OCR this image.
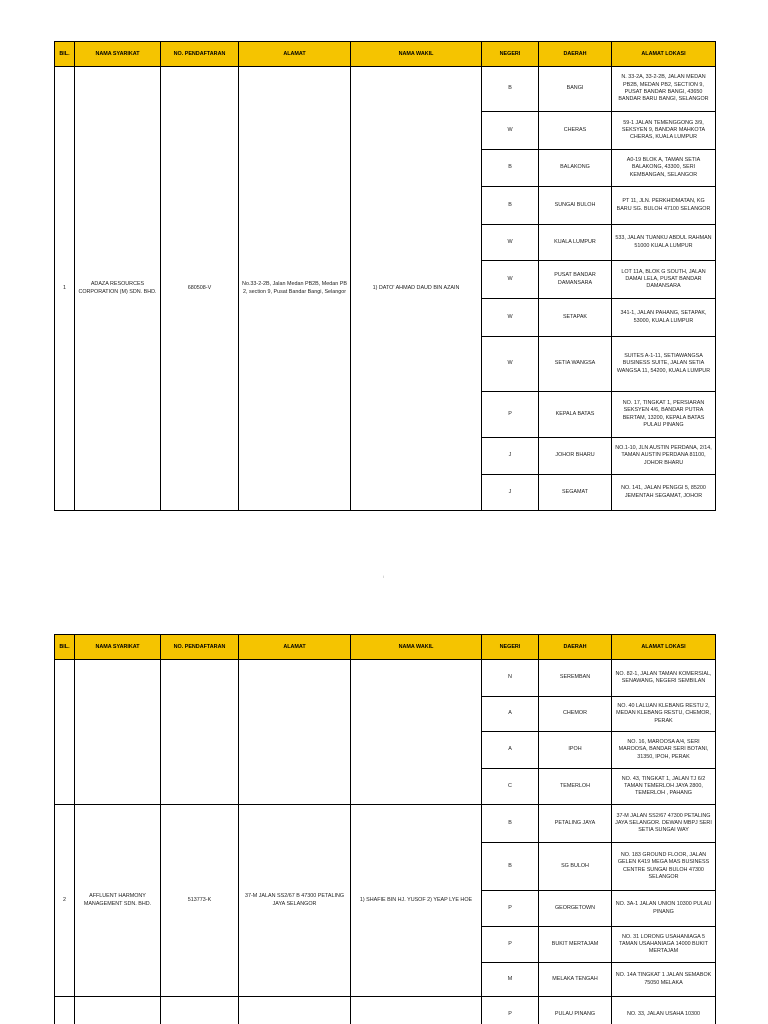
BIL.	NAMA SYARIKAT	NO. PENDAFTARAN	ALAMAT	NAMA WAKIL	NEGERI	DAERAH	ALAMAT LOKASI
1	ADAZA RESOURCES CORPORATION (M) SDN. BHD.	680508-V	No.33-2-2B, Jalan Medan PB2B, Medan PB 2, section 9, Pusat Bandar Bangi, Selangor	1) DATO' AHMAD DAUD BIN AZAIN	B	BANGI	N. 33-2A, 33-2-2B, JALAN MEDAN PB2B, MEDAN PB2, SECTION 9, PUSAT BANDAR BANGI, 43650 BANDAR BARU BANGI, SELANGOR
					W	CHERAS	59-1 JALAN TEMENGGONG 3/9, SEKSYEN 9, BANDAR MAHKOTA CHERAS, KUALA LUMPUR
					B	BALAKONG	A0-19 BLOK A, TAMAN SETIA BALAKONG, 43300, SERI KEMBANGAN, SELANGOR
					B	SUNGAI BULOH	PT 11, JLN. PERKHIDMATAN, KG BARU SG. BULOH 47100 SELANGOR
					W	KUALA LUMPUR	533, JALAN TUANKU ABDUL RAHMAN 51000 KUALA LUMPUR
					W	PUSAT BANDAR DAMANSARA	LOT 11A, BLOK G SOUTH, JALAN DAMAI LELA, PUSAT BANDAR DAMANSARA
					W	SETAPAK	341-1, JALAN PAHANG, SETAPAK, 53000, KUALA LUMPUR
					W	SETIA WANGSA	SUITES A-1-11, SETIAWANGSA BUSINESS SUITE, JALAN SETIA WANGSA 11, 54200, KUALA LUMPUR
					P	KEPALA BATAS	NO. 17, TINGKAT 1, PERSIARAN SEKSYEN 4/6, BANDAR PUTRA BERTAM, 13200, KEPALA BATAS PULAU PINANG
					J	JOHOR BHARU	NO.1-10, JLN AUSTIN PERDANA, 2/14, TAMAN AUSTIN PERDANA 81100, JOHOR BHARU
					J	SEGAMAT	NO. 141, JALAN PENGGI 5, 85200 JEMENTAH SEGAMAT, JOHOR
i
BIL.	NAMA SYARIKAT	NO. PENDAFTARAN	ALAMAT	NAMA WAKIL	NEGERI	DAERAH	ALAMAT LOKASI
					N	SEREMBAN	NO. 82-1, JALAN TAMAN KOMERSIAL, SENAWANG, NEGERI SEMBILAN
					A	CHEMOR	NO. 40 LALUAN KLEBANG RESTU 2, MEDAN KLEBANG RESTU, CHEMOR, PERAK
					A	IPOH	NO. 16, MAROOSA A/4, SERI MAROOSA, BANDAR SERI BOTANI, 31350, IPOH, PERAK
					C	TEMERLOH	NO. 43, TINGKAT 1, JALAN TJ 6/2 TAMAN TEMERLOH JAYA 2800, TEMERLOH , PAHANG
2	AFFLUENT HARMONY MANAGEMENT SDN. BHD.	513773-K	37-M JALAN SS2/67 B 47300 PETALING JAYA SELANGOR	1) SHAFIE BIN HJ. YUSOF 2) YEAP LYE HOE	B	PETALING JAYA	37-M JALAN SS2/67 47300 PETALING JAYA SELANGOR. DEWAN MBPJ SERI SETIA SUNGAI WAY
					B	SG BULOH	NO. 183 GROUND FLOOR, JALAN GELEN K419 MEGA MAS BUSINESS CENTRE SUNGAI BULOH 47300 SELANGOR
					P	GEORGETOWN	NO. 3A-1 JALAN UNION 10300 PULAU PINANG
					P	BUKIT MERTAJAM	NO. 31 LORONG USAHANIAGA 5 TAMAN USAHANIAGA 14000 BUKIT MERTAJAM
					M	MELAKA TENGAH	NO. 14A TINGKAT 1 JALAN SEMABOK 75050 MELAKA
					P	PULAU PINANG	NO. 33, JALAN USAHA 10300
